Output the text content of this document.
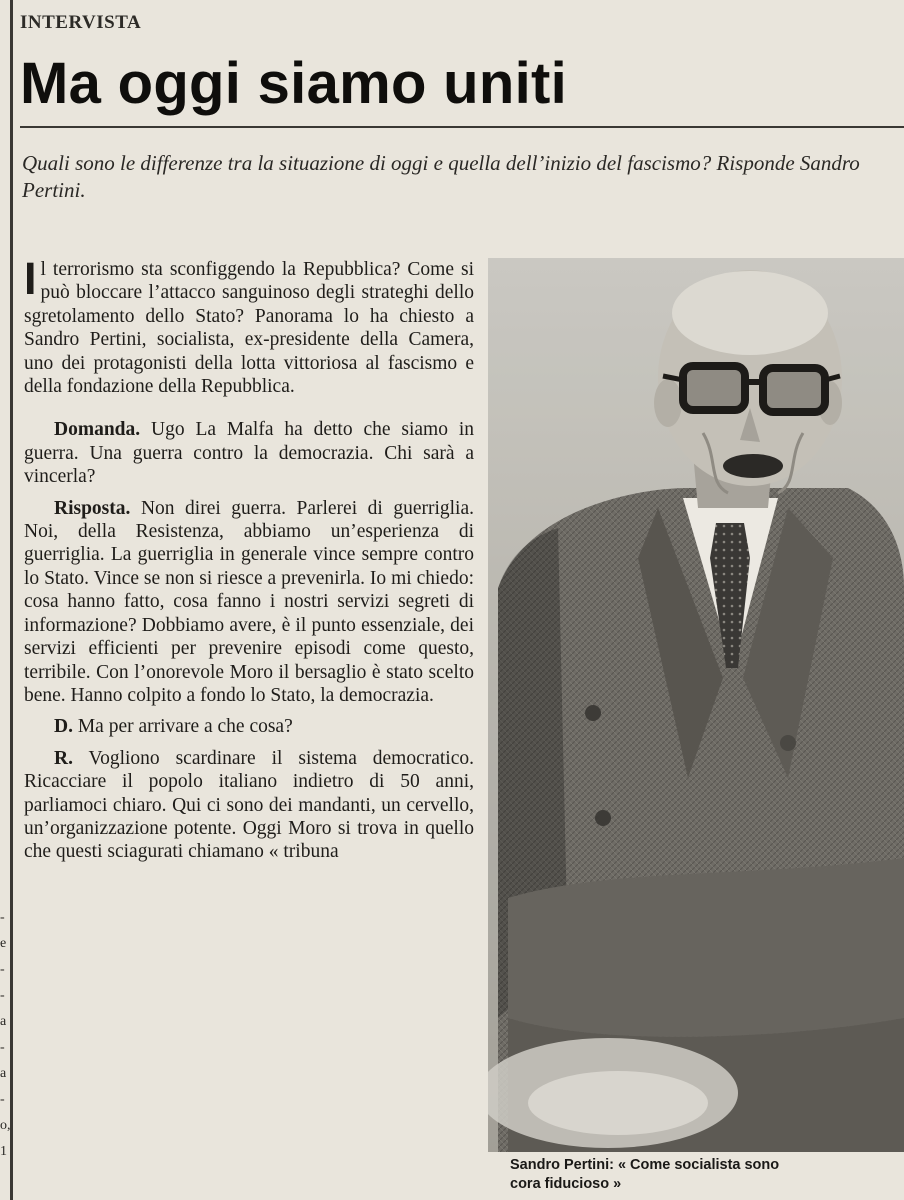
-
e
-
-
a
-
a
-
o,
1
INTERVISTA
Ma oggi siamo uniti
Quali sono le differenze tra la situazione di oggi e quella dell’inizio del fascismo? Risponde Sandro Pertini.

Il terrorismo sta sconfiggendo la Repubblica? Come si può bloccare l’attacco sanguinoso degli strateghi dello sgretolamento dello Stato? Panorama lo ha chiesto a Sandro Pertini, socialista, ex-presidente della Camera, uno dei protagonisti della lotta vittoriosa al fascismo e della fondazione della Repubblica.

Domanda. Ugo La Malfa ha detto che siamo in guerra. Una guerra contro la democrazia. Chi sarà a vincerla?

Risposta. Non direi guerra. Parlerei di guerriglia. Noi, della Resistenza, abbiamo un’esperienza di guerriglia. La guerriglia in generale vince sempre contro lo Stato. Vince se non si riesce a prevenirla. Io mi chiedo: cosa hanno fatto, cosa fanno i nostri servizi segreti di informazione? Dobbiamo avere, è il punto essenziale, dei servizi efficienti per prevenire episodi come questo, terribile. Con l’onorevole Moro il bersaglio è stato scelto bene. Hanno colpito a fondo lo Stato, la democrazia.

D. Ma per arrivare a che cosa?

R. Vogliono scardinare il sistema democratico. Ricacciare il popolo italiano indietro di 50 anni, parliamoci chiaro. Qui ci sono dei mandanti, un cervello, un’organizzazione potente. Oggi Moro si trova in quello che questi sciagurati chiamano « tribuna

Sandro Pertini: « Come socialista sono
cora fiducioso »
